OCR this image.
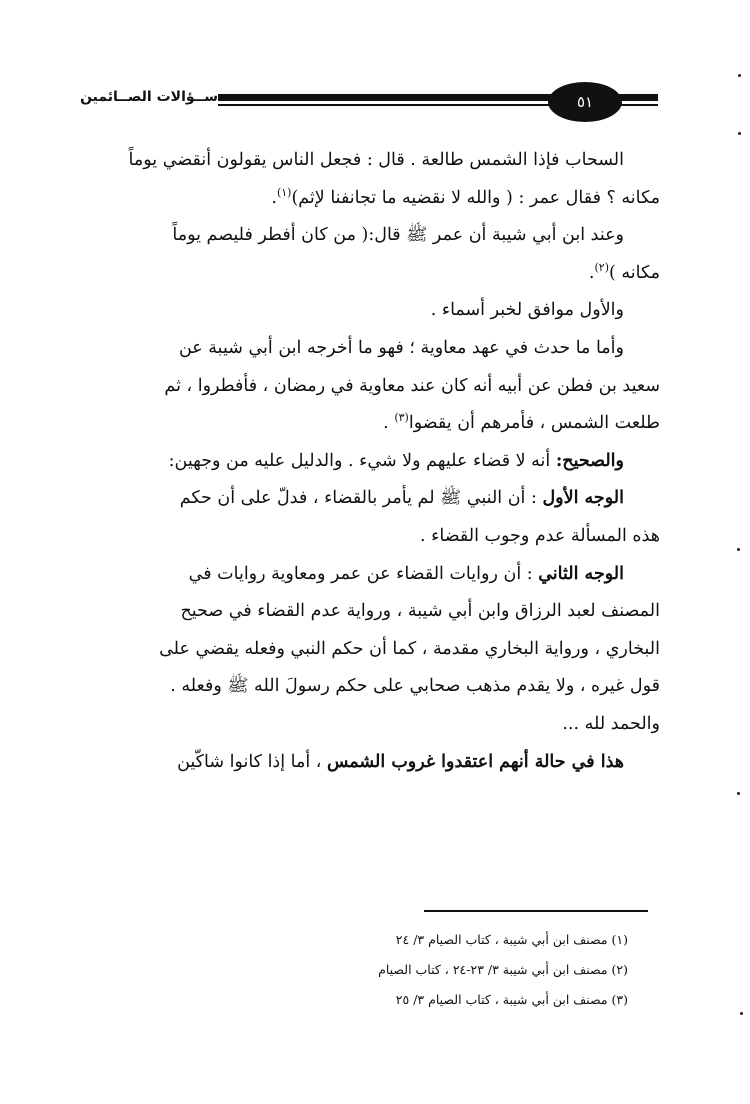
ســؤالات الصــائمين	٥١

السحاب فإذا الشمس طالعة . قال : فجعل الناس يقولون أنقضي يوماً
مكانه ؟ فقال عمر : ( والله لا نقضيه ما تجانفنا لإثم)$^{(١)}$.

وعند ابن أبي شيبة أن عمر ﷺ قال:( من كان أفطر فليصم يوماً
مكانه )$^{(٢)}$.

والأول موافق لخبر أسماء .

وأما ما حدث في عهد معاوية ؛ فهو ما أخرجه ابن أبي شيبة عن
سعيد بن فطن عن أبيه أنه كان عند معاوية في رمضان ، فأفطروا ، ثم
طلعت الشمس ، فأمرهم أن يقضوا$^{(٣)}$ .

والصحيح: أنه لا قضاء عليهم ولا شيء . والدليل عليه من وجهين:

الوجه الأول : أن النبي ﷺ لم يأمر بالقضاء ، فدلّ على أن حكم
هذه المسألة عدم وجوب القضاء .

الوجه الثاني : أن روايات القضاء عن عمر ومعاوية روايات في
المصنف لعبد الرزاق وابن أبي شيبة ، ورواية عدم القضاء في صحيح
البخاري ، ورواية البخاري مقدمة ، كما أن حكم النبي وفعله يقضي على
قول غيره ، ولا يقدم مذهب صحابي على حكم رسولَ الله ﷺ وفعله .
والحمد لله ...

هذا في حالة أنهم اعتقدوا غروب الشمس ، أما إذا كانوا شاكّين

(١) مصنف ابن أبي شيبة ، كتاب الصيام ٣/ ٢٤
(٢) مصنف ابن أبي شيبة ٣/ ٢٣-٢٤ ، كتاب الصيام
(٣) مصنف ابن أبي شيبة ، كتاب الصيام ٣/ ٢٥
